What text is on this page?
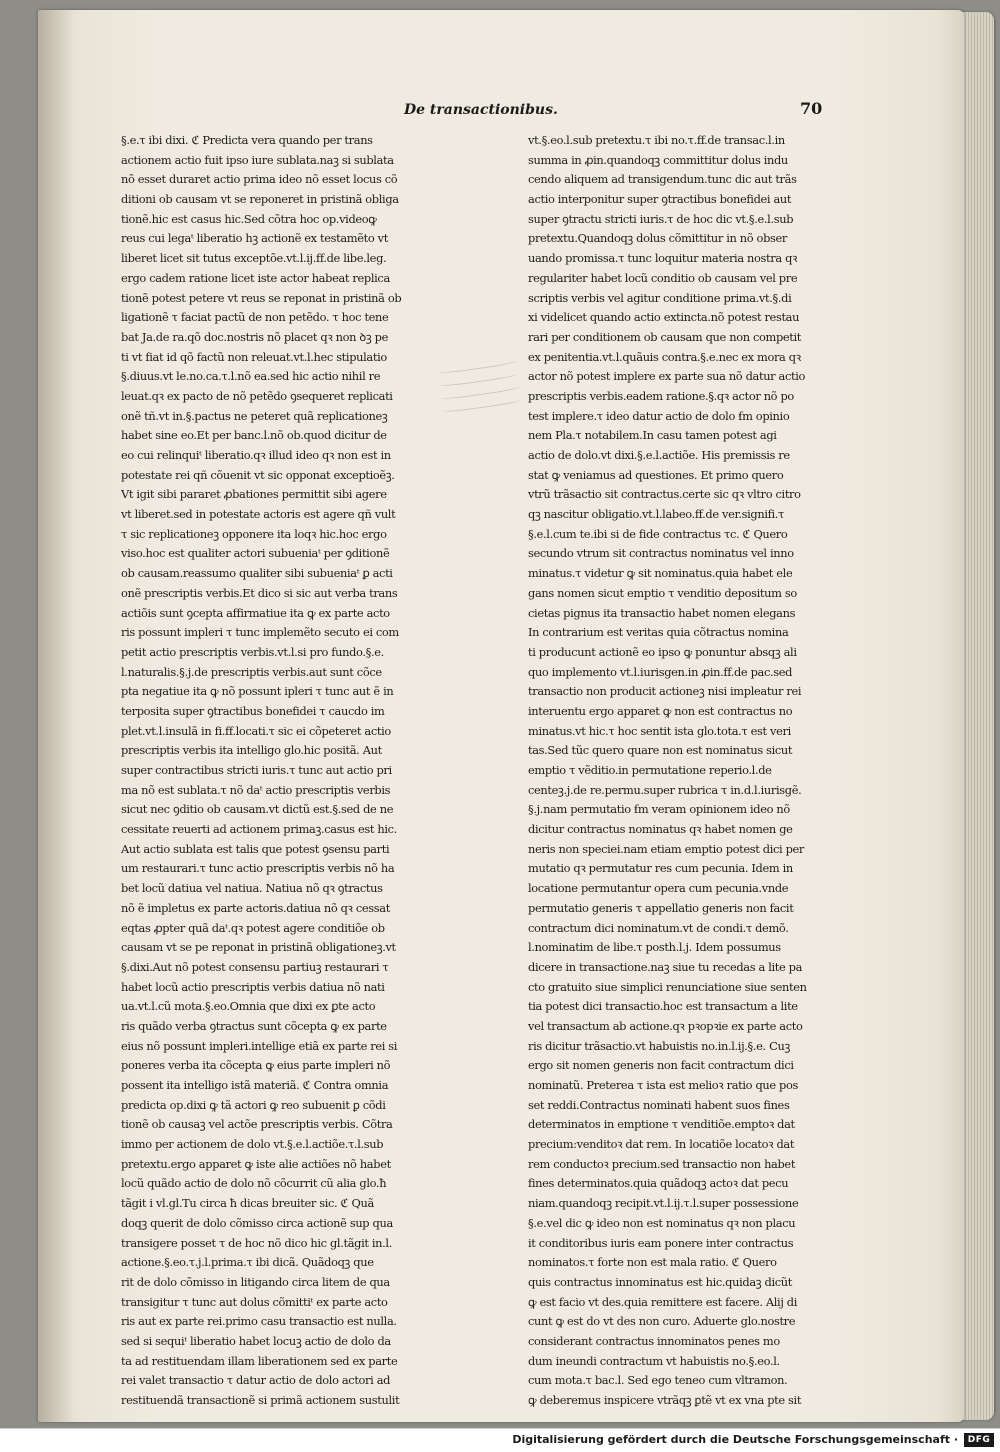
De transactionibus.	70
§.e.τ ibi dixi. ℭ Predicta vera quando per trans
actionem actio fuit ipso iure sublata.naꝫ si sublata
nõ esset duraret actio prima ideo nõ esset locus cõ
ditioni ob causam vt se reponeret in pristinã obliga
tionẽ.hic est casus hic.Sed cõtra hoc op.videoꝙ
reus cui legaᵗ liberatio hꝫ actionẽ ex testamẽto vt
liberet licet sit tutus exceptõe.vt.l.ij.ff.de libe.leg.
ergo cadem ratione licet iste actor habeat replica
tionẽ potest petere vt reus se reponat in pristinã ob
ligationẽ τ faciat pactũ de non petẽdo. τ hoc tene
bat Ja.de ra.qõ doc.nostris nõ placet qꝛ non ꝺꝫ pe
ti vt fiat id qõ factũ non releuat.vt.l.hec stipulatio
§.diuus.vt le.no.ca.τ.l.nõ ea.sed hic actio nihil re
leuat.qꝛ ex pacto de nõ petẽdo ꝯsequeret replicati
onẽ tñ.vt in.§.pactus ne peteret quã replicationeꝫ
habet sine eo.Et per banc.l.nõ ob.quod dicitur de
eo cui relinquiᵗ liberatio.qꝛ illud ideo qꝛ non est in
potestate rei qñ cõuenit vt sic opponat exceptioẽꝫ.
Vt igit sibi pararet ꝓbationes permittit sibi agere
vt liberet.sed in potestate actoris est agere qñ vult
τ sic replicationeꝫ opponere ita loqꝛ hic.hoc ergo
viso.hoc est qualiter actori subueniaᵗ per ꝯditionẽ
ob causam.reassumo qualiter sibi subueniaᵗ ꝑ acti
onẽ prescriptis verbis.Et dico si sic aut verba trans
actiõis sunt ꝯcepta affirmatiue ita ꝙ ex parte acto
ris possunt impleri τ tunc implemẽto secuto ei com
petit actio prescriptis verbis.vt.l.si pro fundo.§.e.
l.naturalis.§.j.de prescriptis verbis.aut sunt cõce
pta negatiue ita ꝙ nõ possunt ipleri τ tunc aut ẽ in
terposita super ꝯtractibus bonefidei τ caucdo im
plet.vt.l.insulã in fi.ff.locati.τ sic ei cõpeteret actio
prescriptis verbis ita intelligo glo.hic positã. Aut
super contractibus stricti iuris.τ tunc aut actio pri
ma nõ est sublata.τ nõ daᵗ actio prescriptis verbis
sicut nec ꝯditio ob causam.vt dictũ est.§.sed de ne
cessitate reuerti ad actionem primaꝫ.casus est hic.
Aut actio sublata est talis que potest ꝯsensu parti
um restaurari.τ tunc actio prescriptis verbis nõ ha
bet locũ datiua vel natiua. Natiua nõ qꝛ ꝯtractus
nõ ẽ impletus ex parte actoris.datiua nõ qꝛ cessat
eqtas ꝓpter quã daᵗ.qꝛ potest agere conditiõe ob
causam vt se pe reponat in pristinã obligationeꝫ.vt
§.dixi.Aut nõ potest consensu partiuꝫ restaurari τ
habet locũ actio prescriptis verbis datiua nõ nati
ua.vt.l.cũ mota.§.eo.Omnia que dixi ex ꝑte acto
ris quãdo verba ꝯtractus sunt cõcepta ꝙ ex parte
eius nõ possunt impleri.intellige etiã ex parte rei si
poneres verba ita cõcepta ꝙ eius parte impleri nõ
possent ita intelligo istã materiã. ℭ Contra omnia
predicta op.dixi ꝙ tã actori ꝙ reo subuenit ꝑ cõdi
tionẽ ob causaꝫ vel actõe prescriptis verbis. Cõtra
immo per actionem de dolo vt.§.e.l.actiõe.τ.l.sub
pretextu.ergo apparet ꝙ iste alie actiões nõ habet
locũ quãdo actio de dolo nõ cõcurrit cũ alia glo.ħ
tãgit i vl.gl.Tu circa ħ dicas breuiter sic. ℭ Quã
doqꝫ querit de dolo cõmisso circa actionẽ sup qua
transigere posset τ de hoc nõ dico hic gl.tãgit in.l.
actione.§.eo.τ.j.l.prima.τ ibi dicã. Quãdoqꝫ que
rit de dolo cõmisso in litigando circa litem de qua
transigitur τ tunc aut dolus cõmittiᵗ ex parte acto
ris aut ex parte rei.primo casu transactio est nulla.
sed si sequiᵗ liberatio habet locuꝫ actio de dolo da
ta ad restituendam illam liberationem sed ex parte
rei valet transactio τ datur actio de dolo actori ad
restituendã transactionẽ si primã actionem sustulit
vt.§.eo.l.sub pretextu.τ ibi no.τ.ff.de transac.l.in
summa in ꝓin.quandoqꝫ committitur dolus indu
cendo aliquem ad transigendum.tunc dic aut trãs
actio interponitur super ꝯtractibus bonefidei aut
super ꝯtractu stricti iuris.τ de hoc dic vt.§.e.l.sub
pretextu.Quandoqꝫ dolus cõmittitur in nõ obser
uando promissa.τ tunc loquitur materia nostra qꝛ
regulariter habet locũ conditio ob causam vel pre
scriptis verbis vel agitur conditione prima.vt.§.di
xi videlicet quando actio extincta.nõ potest restau
rari per conditionem ob causam que non competit
ex penitentia.vt.l.quãuis contra.§.e.nec ex mora qꝛ
actor nõ potest implere ex parte sua nõ datur actio
prescriptis verbis.eadem ratione.§.qꝛ actor nõ po
test implere.τ ideo datur actio de dolo ẜm opinio
nem Pla.τ notabilem.In casu tamen potest agi
actio de dolo.vt dixi.§.e.l.actiõe. His premissis re
stat ꝙ veniamus ad questiones. Et primo quero
vtrũ trãsactio sit contractus.certe sic qꝛ vltro citro
qꝫ nascitur obligatio.vt.l.labeo.ff.de ver.signifi.τ
§.e.l.cum te.ibi si de fide contractus τc. ℭ Quero
secundo vtrum sit contractus nominatus vel inno
minatus.τ videtur ꝙ sit nominatus.quia habet ele
gans nomen sicut emptio τ venditio depositum so
cietas pignus ita transactio habet nomen elegans
In contrarium est veritas quia cõtractus nomina
ti producunt actionẽ eo ipso ꝙ ponuntur absqꝫ ali
quo implemento vt.l.iurisgen.in ꝓin.ff.de pac.sed
transactio non producit actioneꝫ nisi impleatur rei
interuentu ergo apparet ꝙ non est contractus no
minatus.vt hic.τ hoc sentit ista glo.tota.τ est veri
tas.Sed tũc quero quare non est nominatus sicut
emptio τ vẽditio.in permutatione reperio.l.de
centeꝫ.j.de re.permu.super rubrica τ in.d.l.iurisgẽ.
§.j.nam permutatio ẜm veram opinionem ideo nõ
dicitur contractus nominatus qꝛ habet nomen ge
neris non speciei.nam etiam emptio potest dici per
mutatio qꝛ permutatur res cum pecunia. Idem in
locatione permutantur opera cum pecunia.vnde
permutatio generis τ appellatio generis non facit
contractum dici nominatum.vt de condi.τ demõ.
l.nominatim de libe.τ posth.l.j. Idem possumus
dicere in transactione.naꝫ siue tu recedas a lite pa
cto gratuito siue simplici renunciatione siue senten
tia potest dici transactio.hoc est transactum a lite
vel transactum ab actione.qꝛ pꝛopꝛie ex parte acto
ris dicitur trãsactio.vt habuistis no.in.l.ij.§.e. Cuꝫ
ergo sit nomen generis non facit contractum dici
nominatũ. Preterea τ ista est melioꝛ ratio que pos
set reddi.Contractus nominati habent suos fines
determinatos in emptione τ venditiõe.emptoꝛ dat
precium:venditoꝛ dat rem. In locatiõe locatoꝛ dat
rem conductoꝛ precium.sed transactio non habet
fines determinatos.quia quãdoqꝫ actoꝛ dat pecu
niam.quandoqꝫ recipit.vt.l.ij.τ.l.super possessione
§.e.vel dic ꝙ ideo non est nominatus qꝛ non placu
it conditoribus iuris eam ponere inter contractus
nominatos.τ forte non est mala ratio. ℭ Quero
quis contractus innominatus est hic.quidaꝫ dicũt
ꝙ est facio vt des.quia remittere est facere. Alij di
cunt ꝙ est do vt des non curo. Aduerte glo.nostre
considerant contractus innominatos penes mo
dum ineundi contractum vt habuistis no.§.eo.l.
cum mota.τ bac.l. Sed ego teneo cum vltramon.
ꝙ deberemus inspicere vtrãqꝫ ꝑtẽ vt ex vna pte sit
Digitalisierung gefördert durch die Deutsche Forschungsgemeinschaft ·	DFG
